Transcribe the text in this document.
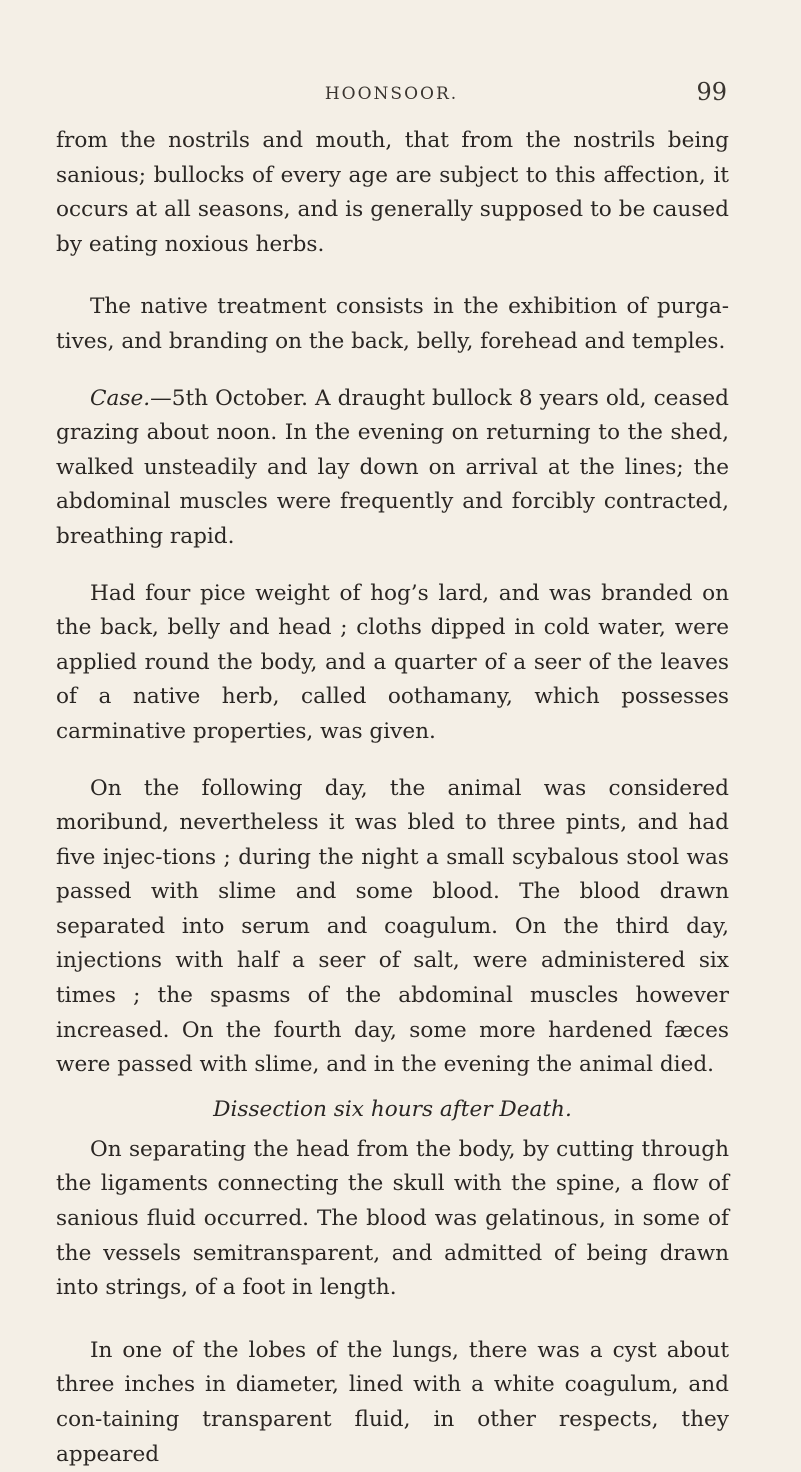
HOONSOOR.	99

from the nostrils and mouth, that from the nostrils being sanious; bullocks of every age are subject to this affection, it occurs at all seasons, and is generally supposed to be caused by eating noxious herbs.

The native treatment consists in the exhibition of purga-tives, and branding on the back, belly, forehead and temples.

Case.—5th October. A draught bullock 8 years old, ceased grazing about noon. In the evening on returning to the shed, walked unsteadily and lay down on arrival at the lines; the abdominal muscles were frequently and forcibly contracted, breathing rapid.

Had four pice weight of hog’s lard, and was branded on the back, belly and head ; cloths dipped in cold water, were applied round the body, and a quarter of a seer of the leaves of a native herb, called oothamany, which possesses carminative properties, was given.

On the following day, the animal was considered moribund, nevertheless it was bled to three pints, and had five injec-tions ; during the night a small scybalous stool was passed with slime and some blood. The blood drawn separated into serum and coagulum. On the third day, injections with half a seer of salt, were administered six times ; the spasms of the abdominal muscles however increased. On the fourth day, some more hardened fæces were passed with slime, and in the evening the animal died.

Dissection six hours after Death.

On separating the head from the body, by cutting through the ligaments connecting the skull with the spine, a flow of sanious fluid occurred. The blood was gelatinous, in some of the vessels semitransparent, and admitted of being drawn into strings, of a foot in length.

In one of the lobes of the lungs, there was a cyst about three inches in diameter, lined with a white coagulum, and con-taining transparent fluid, in other respects, they appeared
